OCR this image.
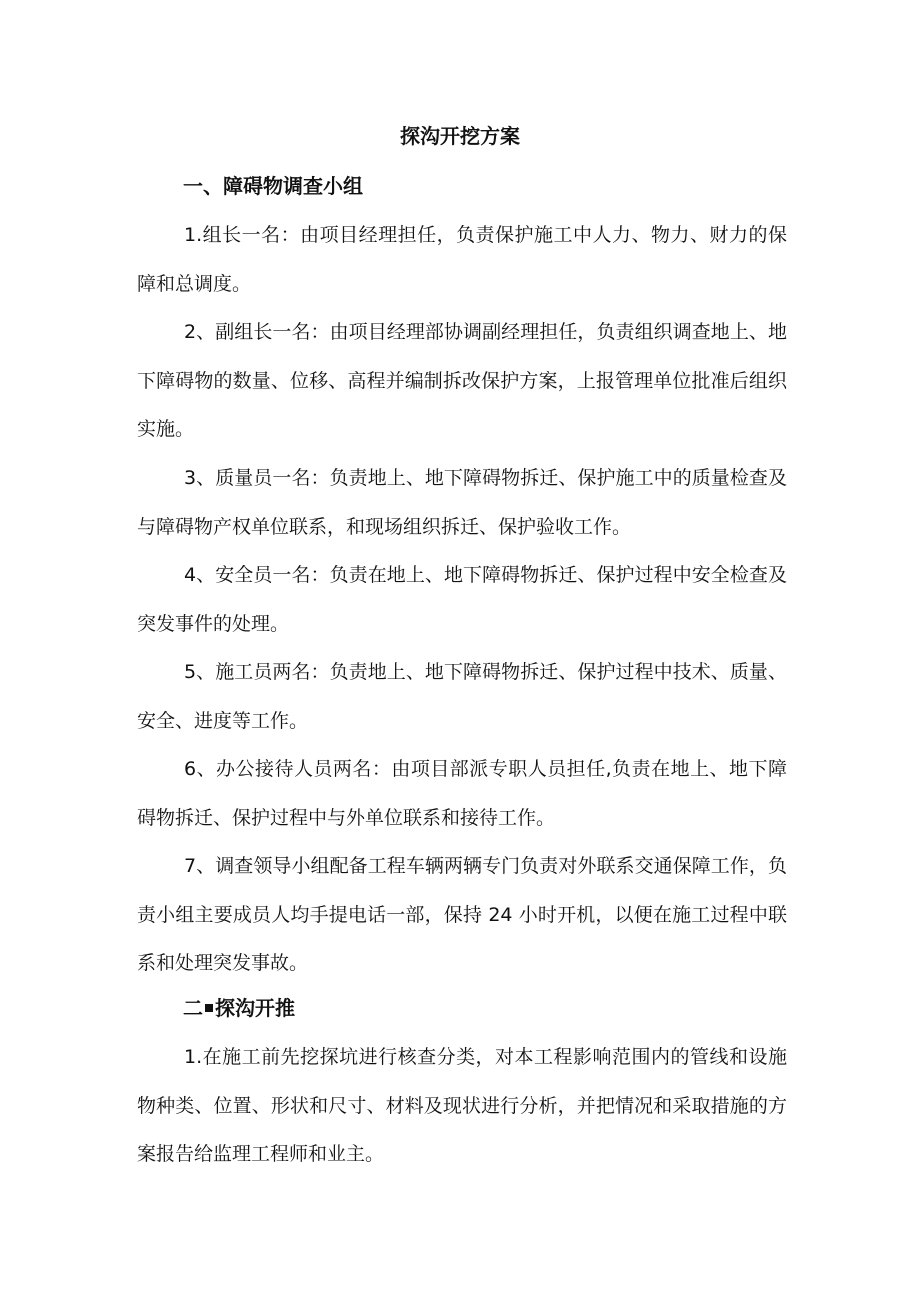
探沟开挖方案
一、障碍物调查小组

1.组长一名：由项目经理担任，负责保护施工中人力、物力、财力的保障和总调度。

2、副组长一名：由项目经理部协调副经理担任，负责组织调查地上、地下障碍物的数量、位移、高程并编制拆改保护方案，上报管理单位批准后组织实施。

3、质量员一名：负责地上、地下障碍物拆迁、保护施工中的质量检查及与障碍物产权单位联系，和现场组织拆迁、保护验收工作。

4、安全员一名：负责在地上、地下障碍物拆迁、保护过程中安全检查及突发事件的处理。

5、施工员两名：负责地上、地下障碍物拆迁、保护过程中技术、质量、安全、进度等工作。

6、办公接待人员两名：由项目部派专职人员担任,负责在地上、地下障碍物拆迁、保护过程中与外单位联系和接待工作。

7、调查领导小组配备工程车辆两辆专门负责对外联系交通保障工作，负责小组主要成员人均手提电话一部，保持 24 小时开机，以便在施工过程中联系和处理突发事故。

二 探沟开推

1.在施工前先挖探坑进行核查分类，对本工程影响范围内的管线和设施物种类、位置、形状和尺寸、材料及现状进行分析，并把情况和采取措施的方案报告给监理工程师和业主。
